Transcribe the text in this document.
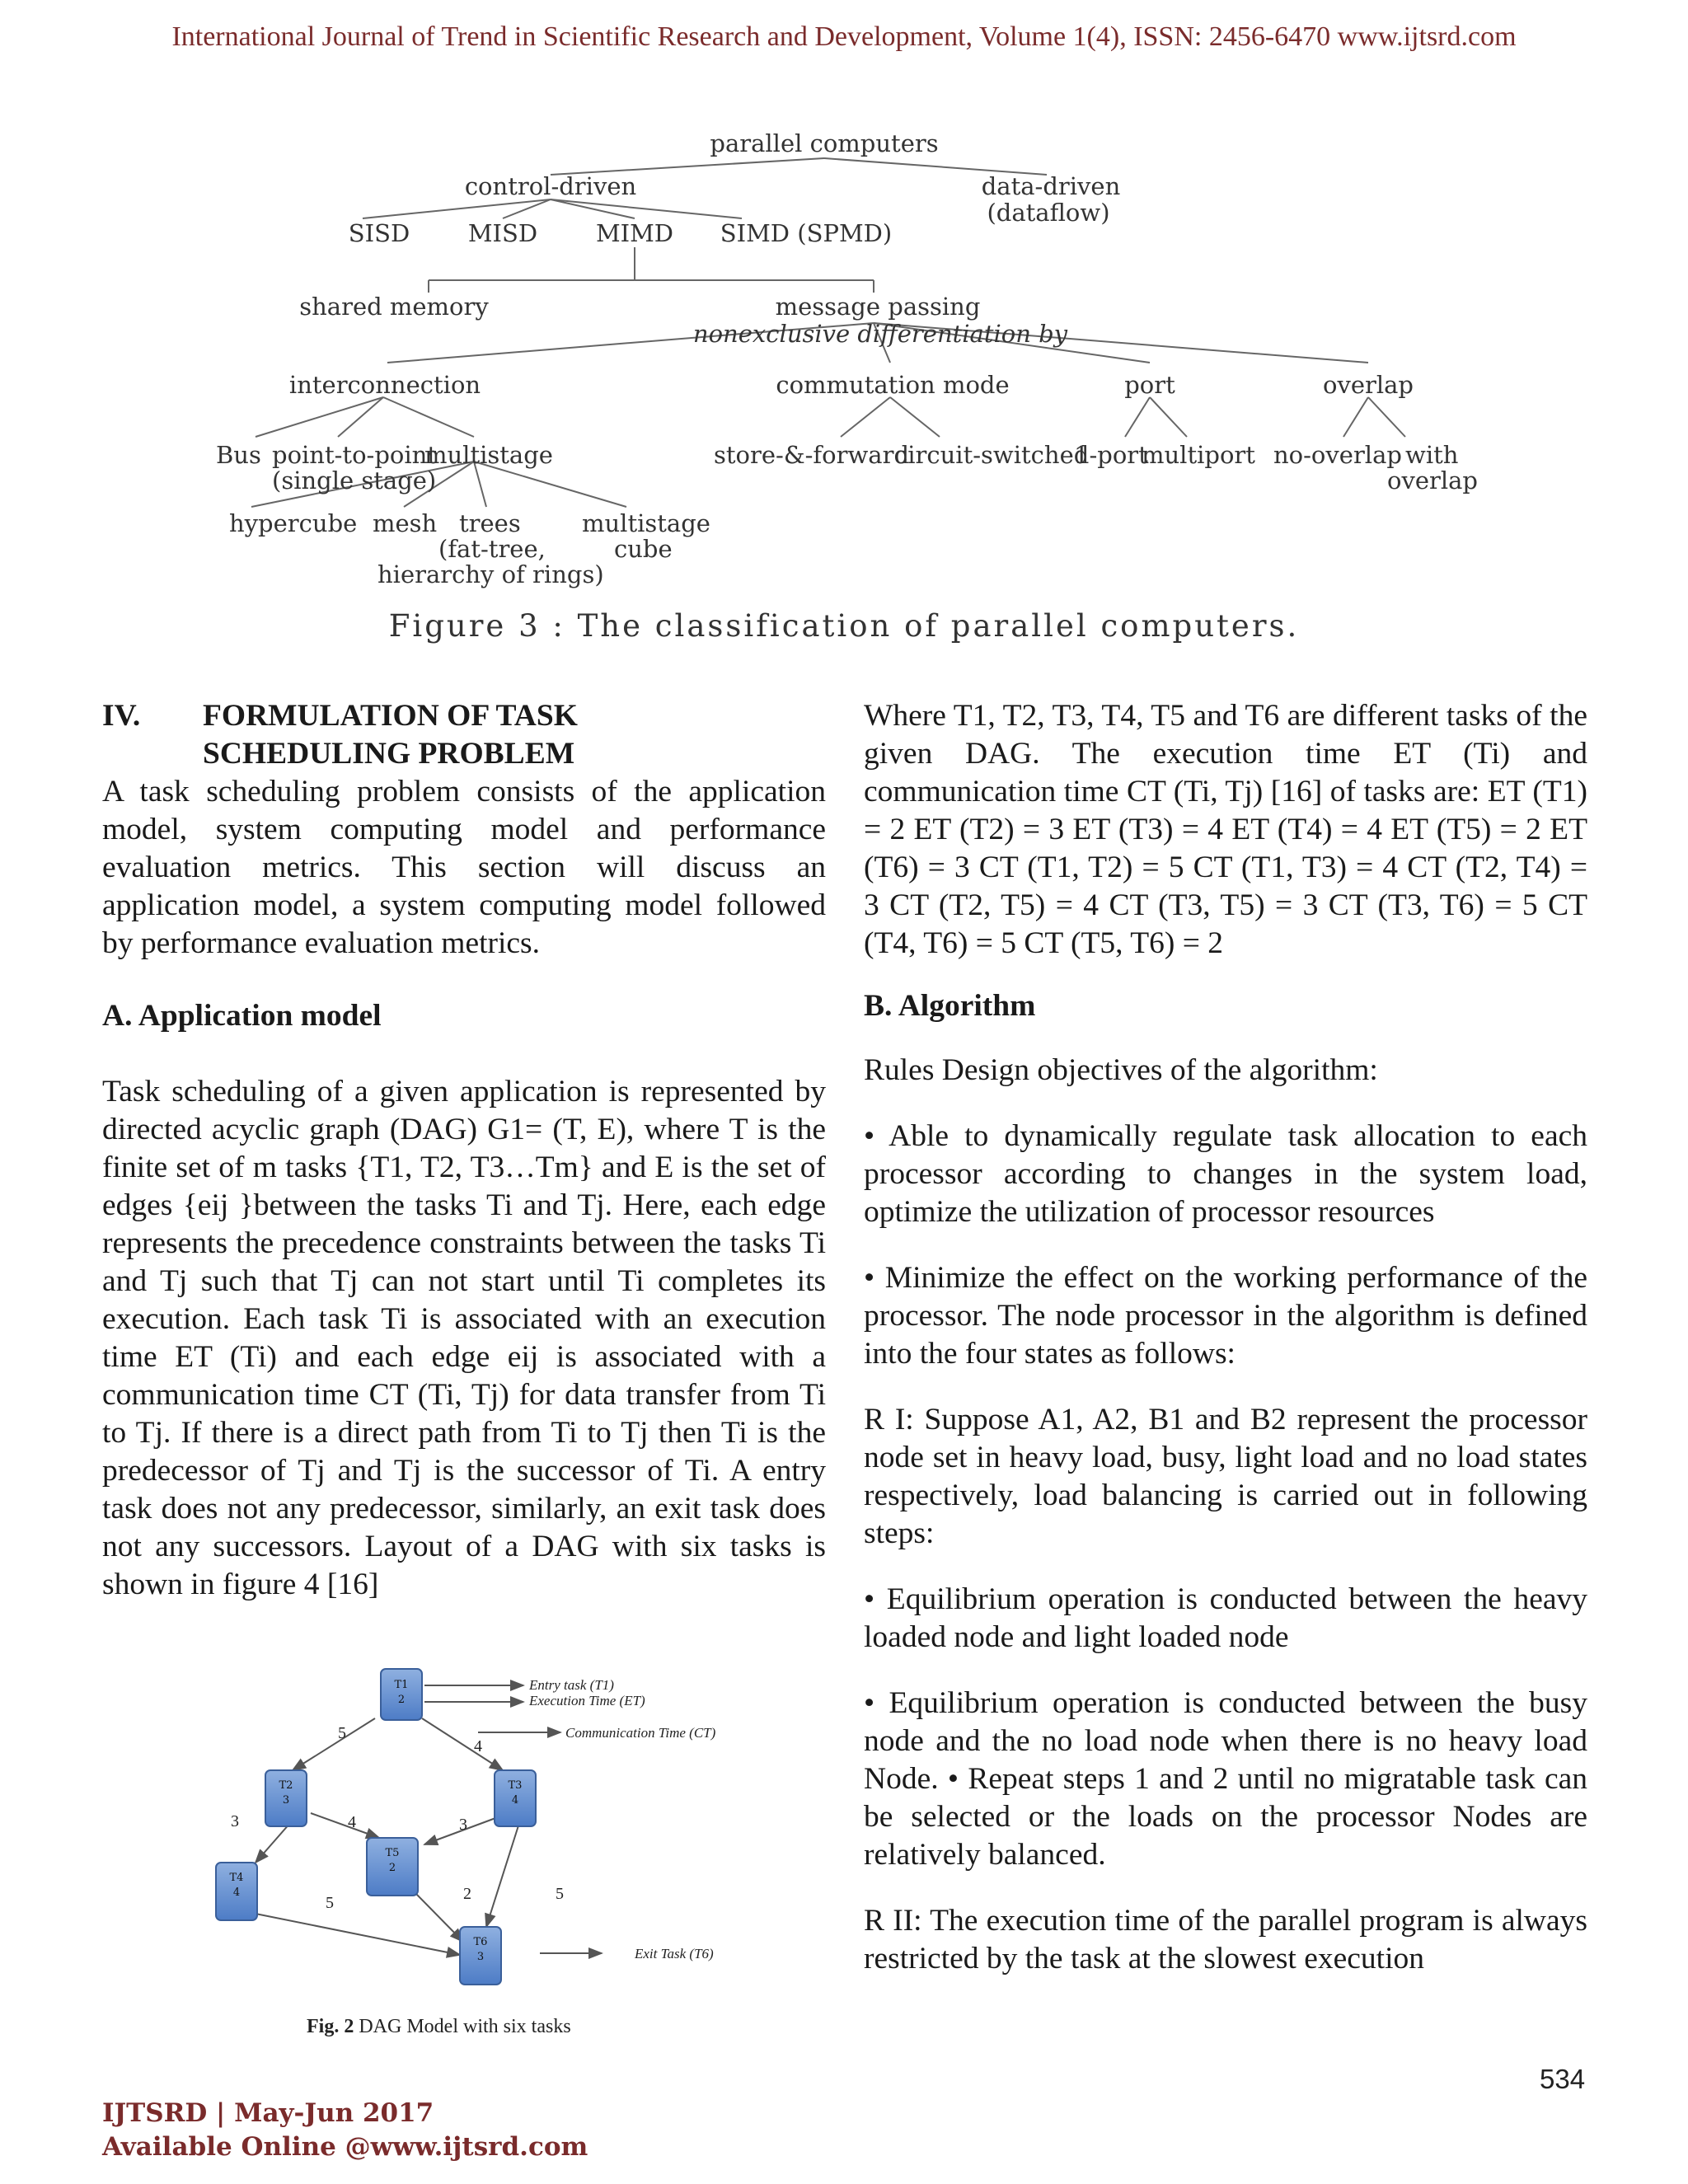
International Journal of Trend in Scientific Research and Development, Volume 1(4), ISSN: 2456-6470 www.ijtsrd.com
parallel computers
control-driven	data-driven
(dataflow)
SISD MISD MIMD SIMD (SPMD)
shared memory	message passing
nonexclusive differentiation by
interconnection	commutation mode	port	overlap
Bus point-to-point
(single stage)
multistage	store-&-forward
circuit-switched
1-port
multiport no-overlap with
overlap
hypercube mesh trees
(fat-tree,
hierarchy of rings)
multistage
cube
Figure 3 : The classification of parallel computers.
IV.	FORMULATION OF TASK
SCHEDULING PROBLEM

A task scheduling problem consists of the application model, system computing model and performance evaluation metrics. This section will discuss an application model, a system computing model followed by performance evaluation metrics.

A. Application model

Task scheduling of a given application is represented by directed acyclic graph (DAG) G1= (T, E), where T is the finite set of m tasks {T1, T2, T3…Tm} and E is the set of edges {eij }between the tasks Ti and Tj. Here, each edge represents the precedence constraints between the tasks Ti and Tj such that Tj can not start until Ti completes its execution. Each task Ti is associated with an execution time ET (Ti) and each edge eij is associated with a communication time CT (Ti, Tj) for data transfer from Ti to Tj. If there is a direct path from Ti to Tj then Ti is the predecessor of Tj and Tj is the successor of Ti. A entry task does not any predecessor, similarly, an exit task does not any successors. Layout of a DAG with six tasks is shown in figure 4 [16]

T1
2
T2
3
T3
4
T4
4
T5
2
T6
3
5
4
4
3	3
5	2	5
Entry task (T1)
Execution Time (ET)
Communication Time (CT)
Exit Task (T6)
Fig. 2 DAG Model with six tasks

Where T1, T2, T3, T4, T5 and T6 are different tasks of the given DAG. The execution time ET (Ti) and communication time CT (Ti, Tj) [16] of tasks are: ET (T1) = 2 ET (T2) = 3 ET (T3) = 4 ET (T4) = 4 ET (T5) = 2 ET (T6) = 3 CT (T1, T2) = 5 CT (T1, T3) = 4 CT (T2, T4) = 3 CT (T2, T5) = 4 CT (T3, T5) = 3 CT (T3, T6) = 5 CT (T4, T6) = 5 CT (T5, T6) = 2

B. Algorithm

Rules Design objectives of the algorithm:

• Able to dynamically regulate task allocation to each processor according to changes in the system load, optimize the utilization of processor resources

• Minimize the effect on the working performance of the processor. The node processor in the algorithm is defined into the four states as follows:

R I: Suppose A1, A2, B1 and B2 represent the processor node set in heavy load, busy, light load and no load states respectively, load balancing is carried out in following steps:

• Equilibrium operation is conducted between the heavy loaded node and light loaded node

• Equilibrium operation is conducted between the busy node and the no load node when there is no heavy load Node. • Repeat steps 1 and 2 until no migratable task can be selected or the loads on the processor Nodes are relatively balanced.

R II: The execution time of the parallel program is always restricted by the task at the slowest execution

534
IJTSRD | May-Jun 2017
Available Online @www.ijtsrd.com
